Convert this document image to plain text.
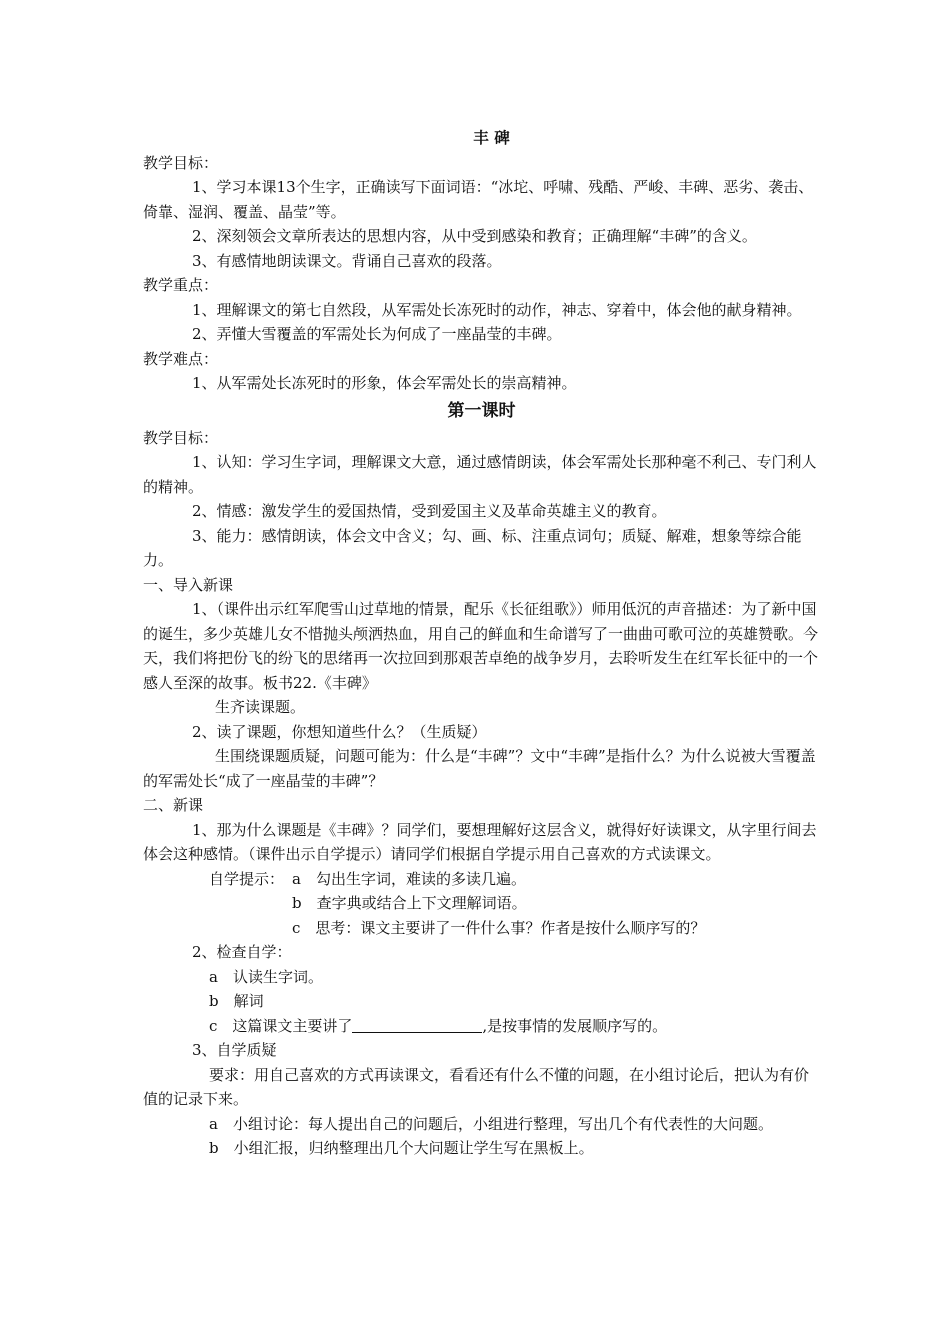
丰 碑

教学目标：

1、学习本课13个生字，正确读写下面词语：“冰坨、呼啸、残酷、严峻、丰碑、恶劣、袭击、倚靠、湿润、覆盖、晶莹”等。

2、深刻领会文章所表达的思想内容，从中受到感染和教育；正确理解“丰碑”的含义。

3、有感情地朗读课文。背诵自己喜欢的段落。

教学重点：

1、理解课文的第七自然段，从军需处长冻死时的动作，神志、穿着中，体会他的献身精神。

2、弄懂大雪覆盖的军需处长为何成了一座晶莹的丰碑。

教学难点：

1、从军需处长冻死时的形象，体会军需处长的崇高精神。

第一课时

教学目标：

1、认知：学习生字词，理解课文大意，通过感情朗读，体会军需处长那种毫不利己、专门利人的精神。

2、情感：激发学生的爱国热情，受到爱国主义及革命英雄主义的教育。

3、能力：感情朗读，体会文中含义；勾、画、标、注重点词句；质疑、解难，想象等综合能力。

一、导入新课

1、（课件出示红军爬雪山过草地的情景，配乐《长征组歌》）师用低沉的声音描述：为了新中国的诞生，多少英雄儿女不惜抛头颅洒热血，用自己的鲜血和生命谱写了一曲曲可歌可泣的英雄赞歌。今天，我们将把份飞的纷飞的思绪再一次拉回到那艰苦卓绝的战争岁月，去聆听发生在红军长征中的一个感人至深的故事。板书22.《丰碑》

生齐读课题。

2、读了课题，你想知道些什么？（生质疑）

生围绕课题质疑，问题可能为：什么是“丰碑”？文中“丰碑”是指什么？为什么说被大雪覆盖的军需处长“成了一座晶莹的丰碑”？

二、新课

1、那为什么课题是《丰碑》？同学们，要想理解好这层含义，就得好好读课文，从字里行间去体会这种感情。（课件出示自学提示）请同学们根据自学提示用自己喜欢的方式读课文。

自学提示： a　勾出生字词，难读的多读几遍。

b　查字典或结合上下文理解词语。

c　思考：课文主要讲了一件什么事？作者是按什么顺序写的？

2、检查自学：

a　认读生字词。

b　解词

c　这篇课文主要讲了	,是按事情的发展顺序写的。

3、自学质疑

要求：用自己喜欢的方式再读课文，看看还有什么不懂的问题，在小组讨论后，把认为有价值的记录下来。

a　小组讨论：每人提出自己的问题后，小组进行整理，写出几个有代表性的大问题。

b　小组汇报，归纳整理出几个大问题让学生写在黑板上。
